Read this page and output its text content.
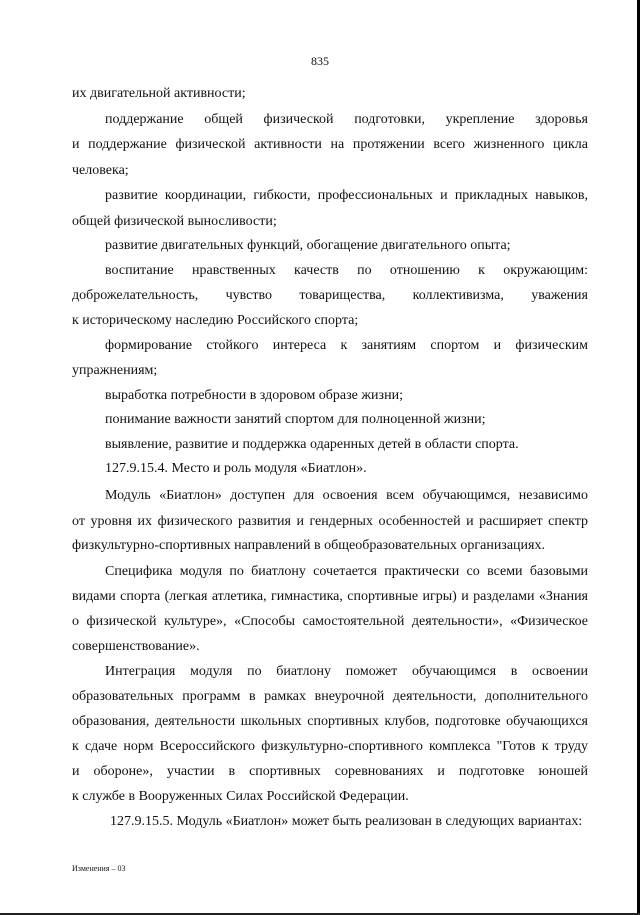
835
их двигательной активности;
поддержание общей физической подготовки, укрепление здоровья
и поддержание физической активности на протяжении всего жизненного цикла
человека;
развитие координации, гибкости, профессиональных и прикладных навыков,
общей физической выносливости;
развитие двигательных функций, обогащение двигательного опыта;
воспитание нравственных качеств по отношению к окружающим:
доброжелательность, чувство товарищества, коллективизма, уважения
к историческому наследию Российского спорта;
формирование стойкого интереса к занятиям спортом и физическим
упражнениям;
выработка потребности в здоровом образе жизни;
понимание важности занятий спортом для полноценной жизни;
выявление, развитие и поддержка одаренных детей в области спорта.
127.9.15.4. Место и роль модуля «Биатлон».
Модуль «Биатлон» доступен для освоения всем обучающимся, независимо
от уровня их физического развития и гендерных особенностей и расширяет спектр
физкультурно-спортивных направлений в общеобразовательных организациях.
Специфика модуля по биатлону сочетается практически со всеми базовыми
видами спорта (легкая атлетика, гимнастика, спортивные игры) и разделами «Знания
о физической культуре», «Способы самостоятельной деятельности», «Физическое
совершенствование».
Интеграция модуля по биатлону поможет обучающимся в освоении
образовательных программ в рамках внеурочной деятельности, дополнительного
образования, деятельности школьных спортивных клубов, подготовке обучающихся
к сдаче норм Всероссийского физкультурно-спортивного комплекса "Готов к труду
и обороне», участии в спортивных соревнованиях и подготовке юношей
к службе в Вооруженных Силах Российской Федерации.
127.9.15.5. Модуль «Биатлон» может быть реализован в следующих вариантах:
Изменения – 03
